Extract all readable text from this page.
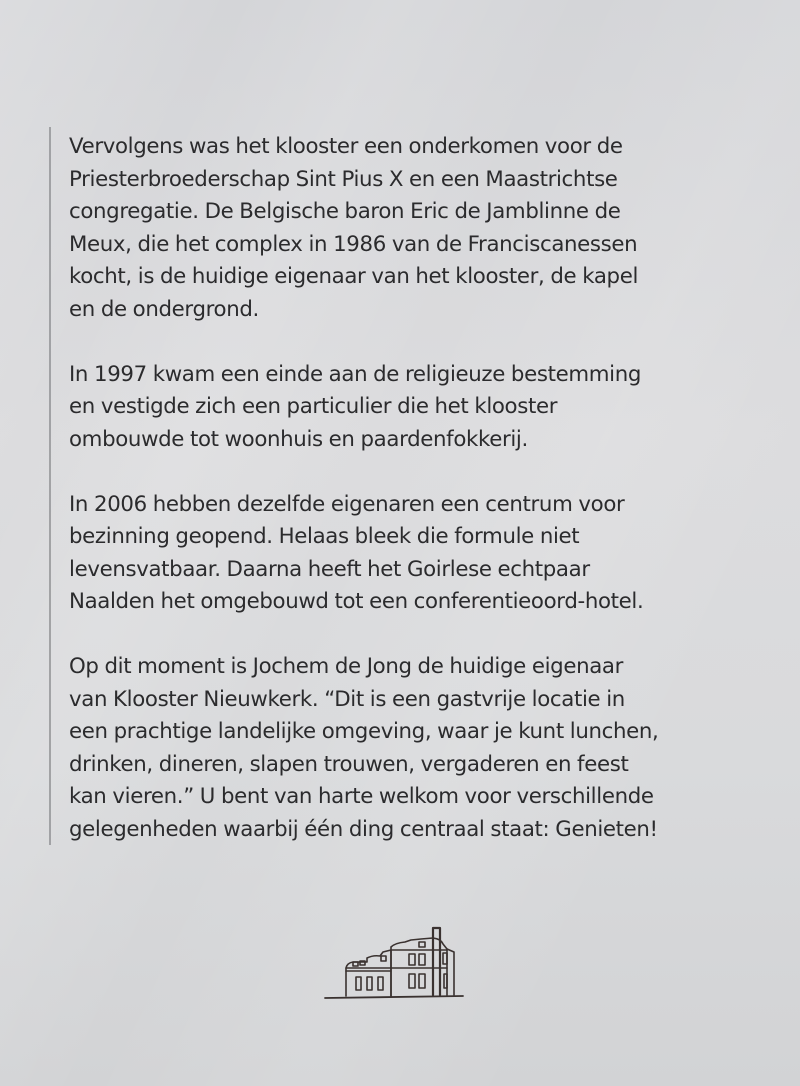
Vervolgens was het klooster een onderkomen voor de
Priesterbroederschap Sint Pius X en een Maastrichtse
congregatie. De Belgische baron Eric de Jamblinne de
Meux, die het complex in 1986 van de Franciscanessen
kocht, is de huidige eigenaar van het klooster, de kapel
en de ondergrond.

In 1997 kwam een einde aan de religieuze bestemming
en vestigde zich een particulier die het klooster
ombouwde tot woonhuis en paardenfokkerij.

In 2006 hebben dezelfde eigenaren een centrum voor
bezinning geopend. Helaas bleek die formule niet
levensvatbaar. Daarna heeft het Goirlese echtpaar
Naalden het omgebouwd tot een conferentieoord-hotel.

Op dit moment is Jochem de Jong de huidige eigenaar
van Klooster Nieuwkerk. “Dit is een gastvrije locatie in
een prachtige landelijke omgeving, waar je kunt lunchen,
drinken, dineren, slapen trouwen, vergaderen en feest
kan vieren.” U bent van harte welkom voor verschillende
gelegenheden waarbij één ding centraal staat: Genieten!
